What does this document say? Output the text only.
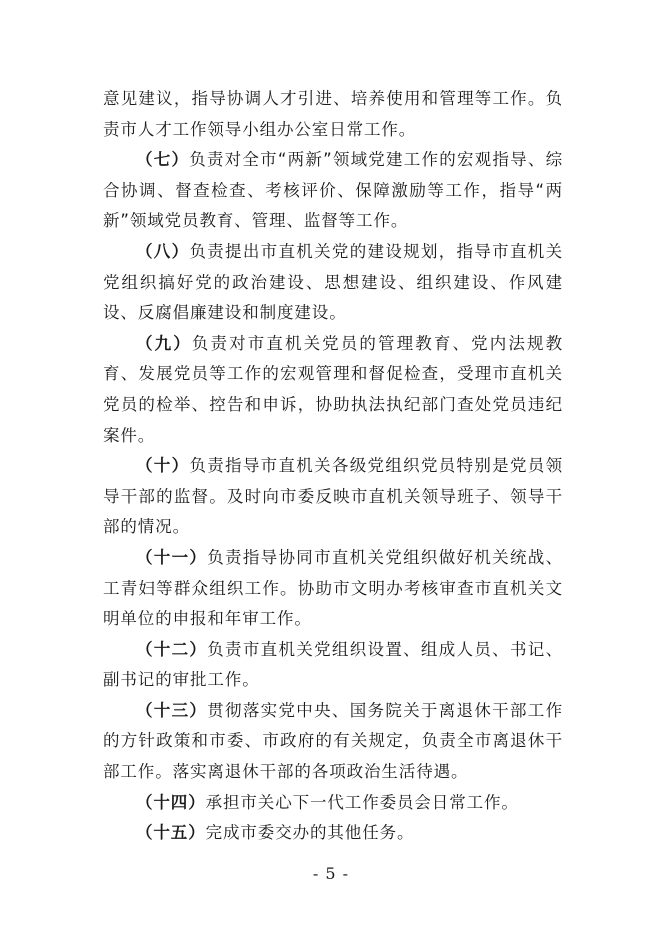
意见建议，指导协调人才引进、培养使用和管理等工作。负责市人才工作领导小组办公室日常工作。

（七）负责对全市“两新”领域党建工作的宏观指导、综合协调、督查检查、考核评价、保障激励等工作，指导“两新”领域党员教育、管理、监督等工作。

（八）负责提出市直机关党的建设规划，指导市直机关党组织搞好党的政治建设、思想建设、组织建设、作风建设、反腐倡廉建设和制度建设。

（九）负责对市直机关党员的管理教育、党内法规教育、发展党员等工作的宏观管理和督促检查，受理市直机关党员的检举、控告和申诉，协助执法执纪部门查处党员违纪案件。

（十）负责指导市直机关各级党组织党员特别是党员领导干部的监督。及时向市委反映市直机关领导班子、领导干部的情况。

（十一）负责指导协同市直机关党组织做好机关统战、工青妇等群众组织工作。协助市文明办考核审查市直机关文明单位的申报和年审工作。

（十二）负责市直机关党组织设置、组成人员、书记、副书记的审批工作。

（十三）贯彻落实党中央、国务院关于离退休干部工作的方针政策和市委、市政府的有关规定，负责全市离退休干部工作。落实离退休干部的各项政治生活待遇。

（十四）承担市关心下一代工作委员会日常工作。

（十五）完成市委交办的其他任务。

- 5 -
